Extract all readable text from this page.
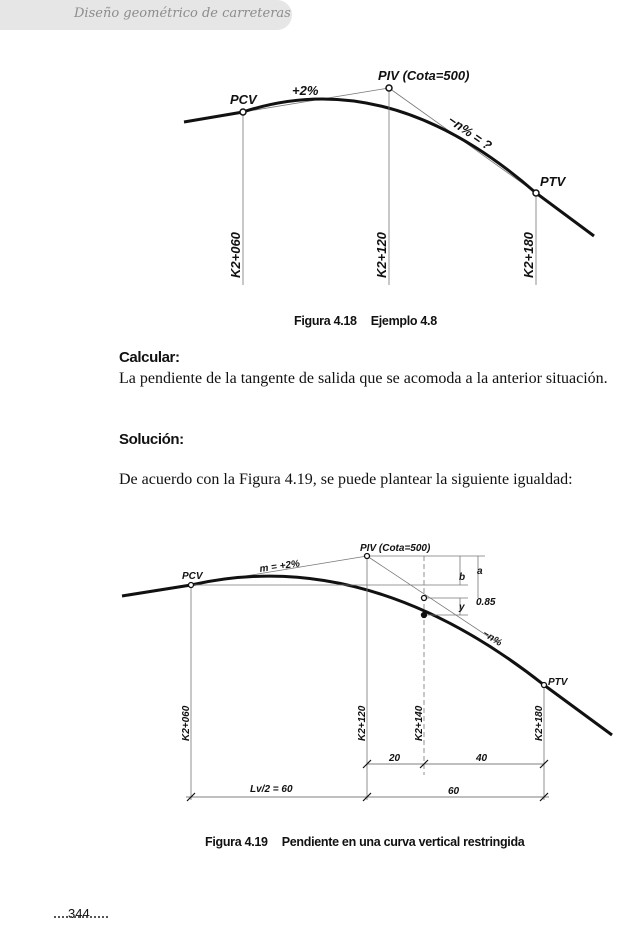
Diseño geométrico de carreteras
PCV
PIV (Cota=500)
PTV
+2%
−n% = ?
K2+060	K2+120	K2+180
Figura 4.18 Ejemplo 4.8
Calcular:
La pendiente de la tangente de salida que se acomoda a la anterior situación.
Solución:
De acuerdo con la Figura 4.19, se puede plantear la siguiente igualdad:
PCV
PIV (Cota=500)
PTV
m = +2%
−n%
a
b
y 0.85
K2+060	K2+120	K2+140	K2+180
20	40
Lv/2 = 60	60
Figura 4.19 Pendiente en una curva vertical restringida
344
